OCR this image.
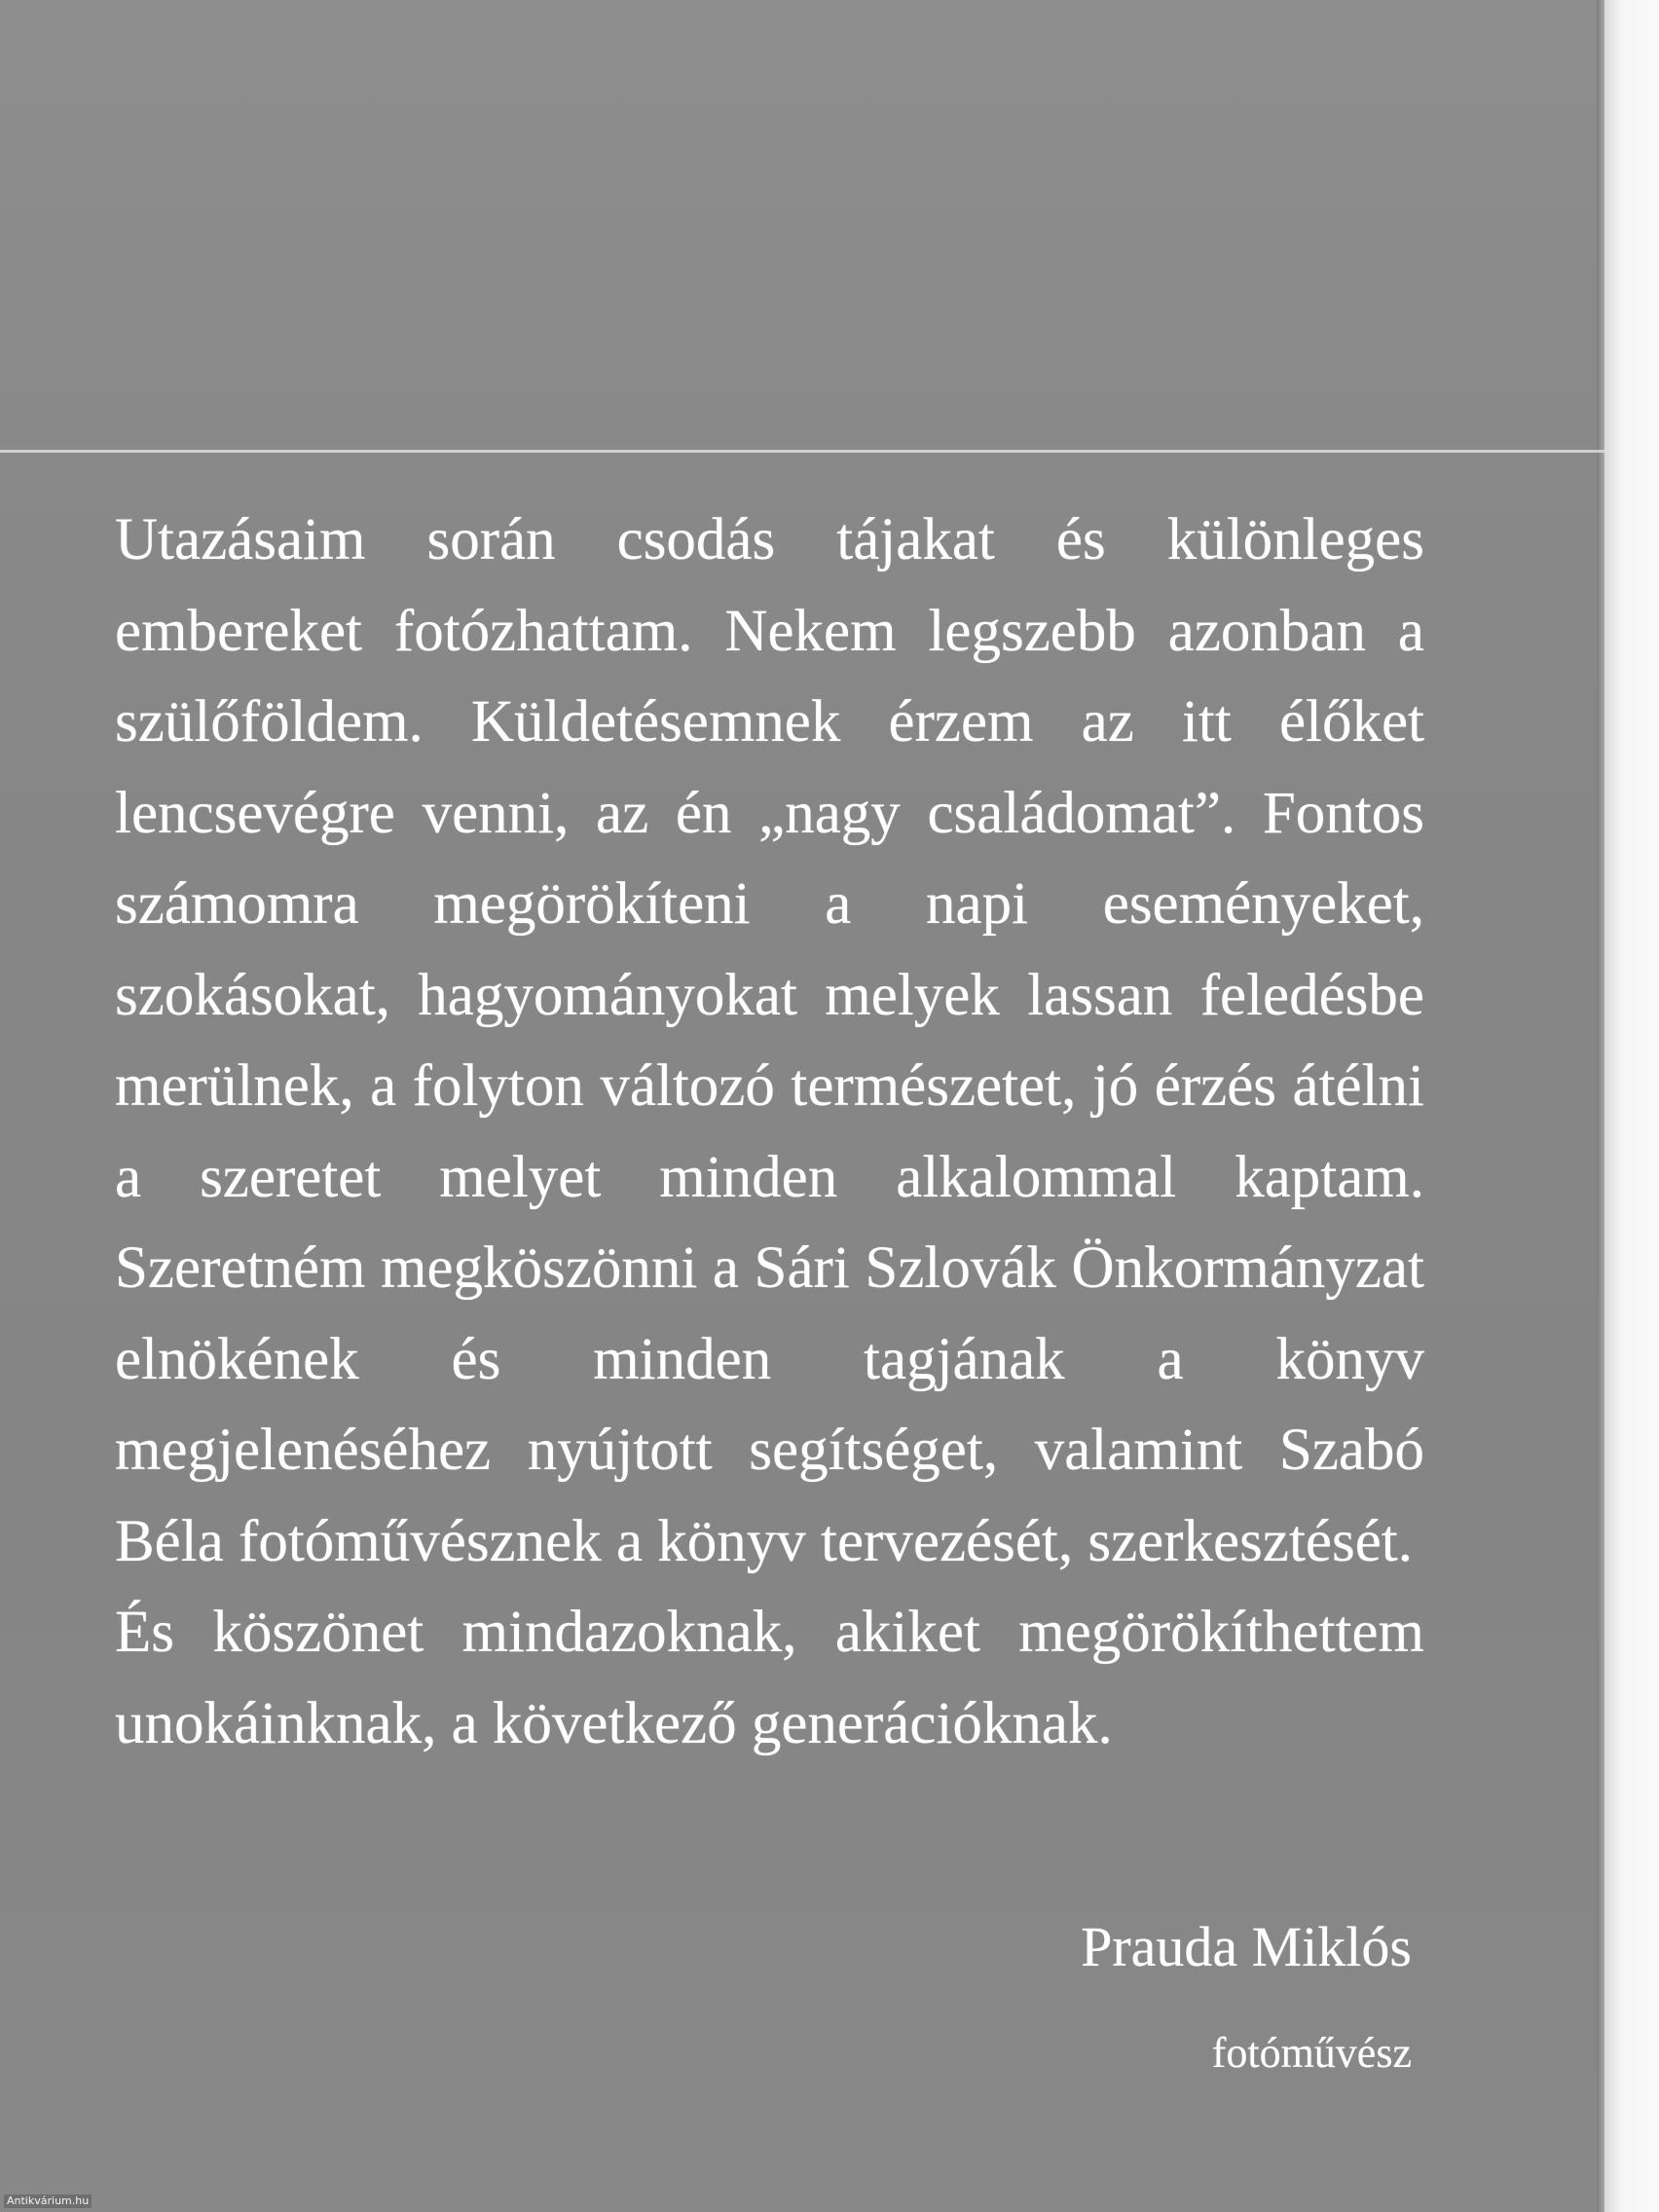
Utazásaim során csodás tájakat és különleges embereket fotózhattam. Nekem legszebb azonban a szülőföldem. Küldetésemnek érzem az itt élőket lencsevégre venni, az én „nagy családomat”. Fontos számomra megörökíteni a napi eseményeket, szokásokat, hagyományokat melyek lassan feledésbe merülnek, a folyton változó természetet, jó érzés átélni a szeretet melyet minden alkalommal kaptam. Szeretném megköszönni a Sári Szlovák Önkormányzat elnökének és minden tagjának a könyv megjelenéséhez nyújtott segítséget, valamint Szabó Béla fotóművésznek a könyv tervezését, szerkesztését.
És köszönet mindazoknak, akiket megörökíthettem unokáinknak, a következő generációknak.

Prauda Miklós
fotóművész
Antikvárium.hu
